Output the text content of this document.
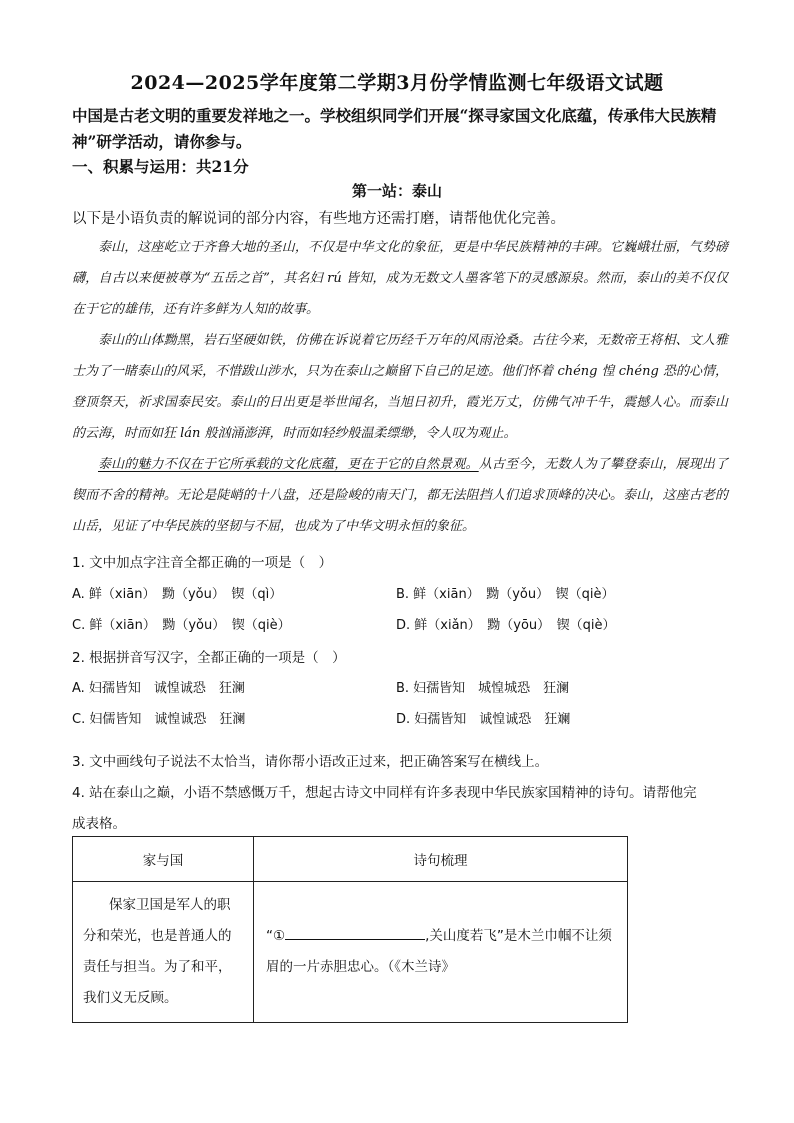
2024—2025学年度第二学期3月份学情监测七年级语文试题
中国是古老文明的重要发祥地之一。学校组织同学们开展“探寻家国文化底蕴，传承伟大民族精神”研学活动，请你参与。
一、积累与运用：共21分
第一站：泰山
以下是小语负责的解说词的部分内容，有些地方还需打磨，请帮他优化完善。

泰山，这座屹立于齐鲁大地的圣山，不仅是中华文化的象征，更是中华民族精神的丰碑。它巍峨壮丽，气势磅礴，自古以来便被尊为“五岳之首”，其名妇 rú 皆知，成为无数文人墨客笔下的灵感源泉。然而，泰山的美不仅仅在于它的雄伟，还有许多鲜为人知的故事。

泰山的山体黝黑，岩石坚硬如铁，仿佛在诉说着它历经千万年的风雨沧桑。古往今来，无数帝王将相、文人雅士为了一睹泰山的风采，不惜跋山涉水，只为在泰山之巅留下自己的足迹。他们怀着 chéng 惶 chéng 恐的心情，登顶祭天，祈求国泰民安。泰山的日出更是举世闻名，当旭日初升，霞光万丈，仿佛气冲千牛，震撼人心。而泰山的云海，时而如狂 lán 般汹涌澎湃，时而如轻纱般温柔缥缈，令人叹为观止。

泰山的魅力不仅在于它所承载的文化底蕴，更在于它的自然景观。从古至今，无数人为了攀登泰山，展现出了锲而不舍的精神。无论是陡峭的十八盘，还是险峻的南天门，都无法阻挡人们追求顶峰的决心。泰山，这座古老的山岳，见证了中华民族的坚韧与不屈，也成为了中华文明永恒的象征。

1. 文中加点字注音全都正确的一项是（　）
A. 鲜（xiān）　黝（yǒu）　锲（qì）	B. 鲜（xiān）　黝（yǒu）　锲（qiè）
C. 鲜（xiān）　黝（yǒu）　锲（qiè）	D. 鲜（xiǎn）　黝（yōu）　锲（qiè）
2. 根据拼音写汉字，全都正确的一项是（　）
A. 妇孺皆知　诚惶诚恐　狂澜	B. 妇孺皆知　城惶城恐　狂澜
C. 妇儒皆知　诚惶诚恐　狂澜	D. 妇孺皆知　诚惶诚恐　狂斓
3. 文中画线句子说法不太恰当，请你帮小语改正过来，把正确答案写在横线上。
4. 站在泰山之巅，小语不禁感慨万千，想起古诗文中同样有许多表现中华民族家国精神的诗句。请帮他完
成表格。
家与国	诗句梳理
保家卫国是军人的职分和荣光，也是普通人的责任与担当。为了和平，我们义无反顾。	“① ,关山度若飞”是木兰巾帼不让须眉的一片赤胆忠心。（《木兰诗》
